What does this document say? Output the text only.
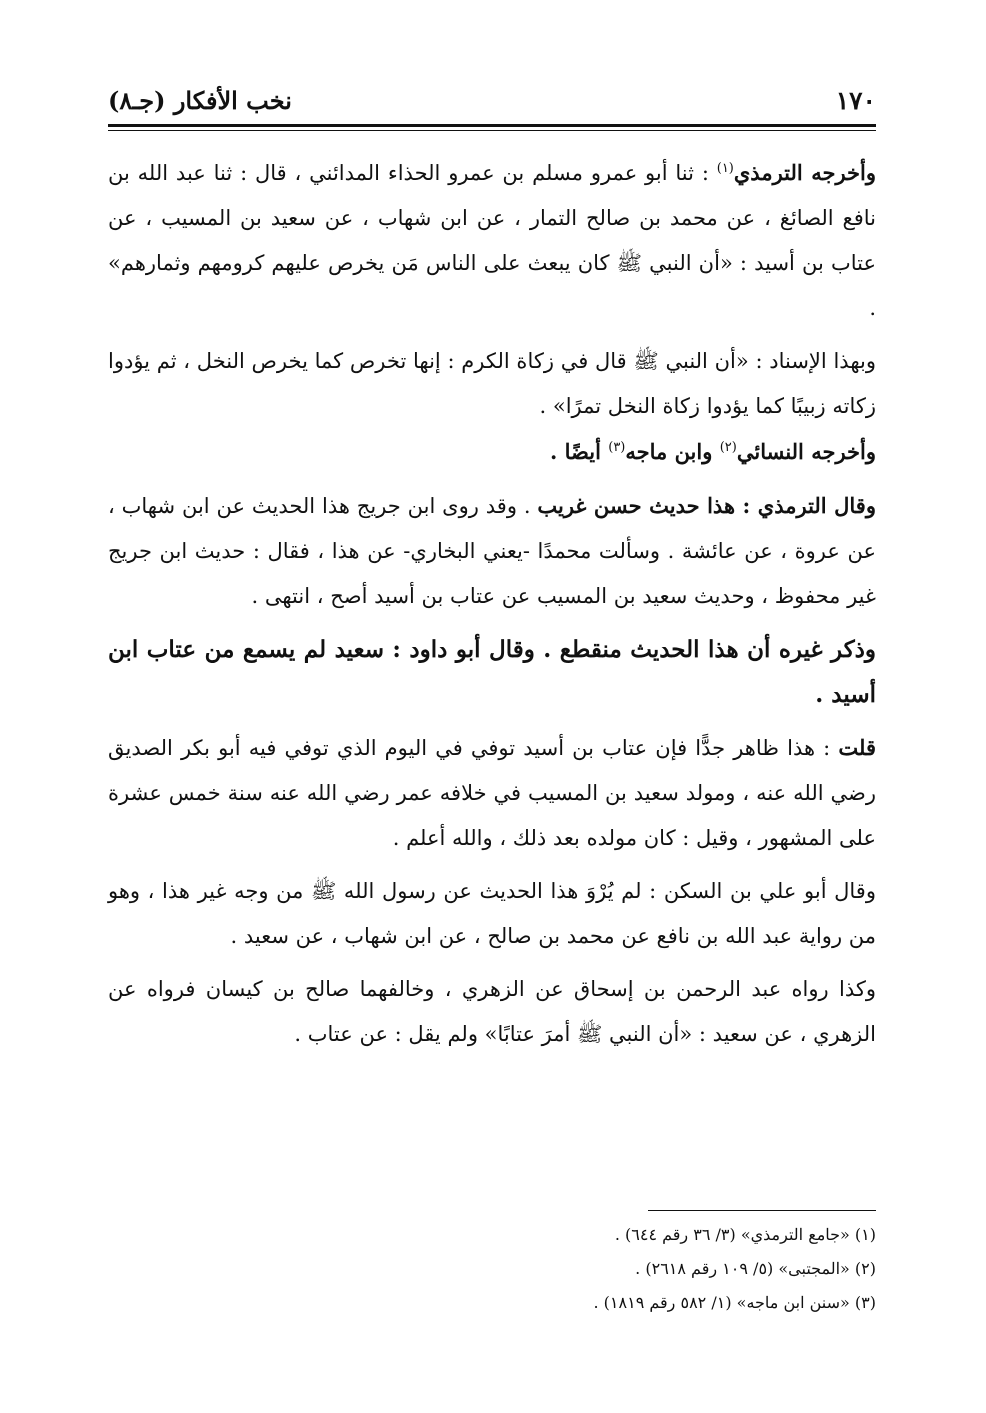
١٧٠
نخب الأفكار (جـ٨)

وأخرجه الترمذي$^{(١)}$ : ثنا أبو عمرو مسلم بن عمرو الحذاء المدائني ، قال : ثنا عبد الله بن نافع الصائغ ، عن محمد بن صالح التمار ، عن ابن شهاب ، عن سعيد بن المسيب ، عن عتاب بن أسيد : «أن النبي ﷺ كان يبعث على الناس مَن يخرص عليهم كرومهم وثمارهم» .

وبهذا الإسناد : «أن النبي ﷺ قال في زكاة الكرم : إنها تخرص كما يخرص النخل ، ثم يؤدوا زكاته زبيبًا كما يؤدوا زكاة النخل تمرًا» .

وأخرجه النسائي$^{(٢)}$ وابن ماجه$^{(٣)}$ أيضًا .

وقال الترمذي : هذا حديث حسن غريب . وقد روى ابن جريج هذا الحديث عن ابن شهاب ، عن عروة ، عن عائشة . وسألت محمدًا -يعني البخاري- عن هذا ، فقال : حديث ابن جريج غير محفوظ ، وحديث سعيد بن المسيب عن عتاب بن أسيد أصح ، انتهى .

وذكر غيره أن هذا الحديث منقطع . وقال أبو داود : سعيد لم يسمع من عتاب ابن أسيد .

قلت : هذا ظاهر جدًّا فإن عتاب بن أسيد توفي في اليوم الذي توفي فيه أبو بكر الصديق رضي الله عنه ، ومولد سعيد بن المسيب في خلافه عمر رضي الله عنه سنة خمس عشرة على المشهور ، وقيل : كان مولده بعد ذلك ، والله أعلم .

وقال أبو علي بن السكن : لم يُرْوَ هذا الحديث عن رسول الله ﷺ من وجه غير هذا ، وهو من رواية عبد الله بن نافع عن محمد بن صالح ، عن ابن شهاب ، عن سعيد .

وكذا رواه عبد الرحمن بن إسحاق عن الزهري ، وخالفهما صالح بن كيسان فرواه عن الزهري ، عن سعيد : «أن النبي ﷺ أمرَ عتابًا» ولم يقل : عن عتاب .

(١) «جامع الترمذي» (٣/ ٣٦ رقم ٦٤٤) .

(٢) «المجتبى» (٥/ ١٠٩ رقم ٢٦١٨) .

(٣) «سنن ابن ماجه» (١/ ٥٨٢ رقم ١٨١٩) .
